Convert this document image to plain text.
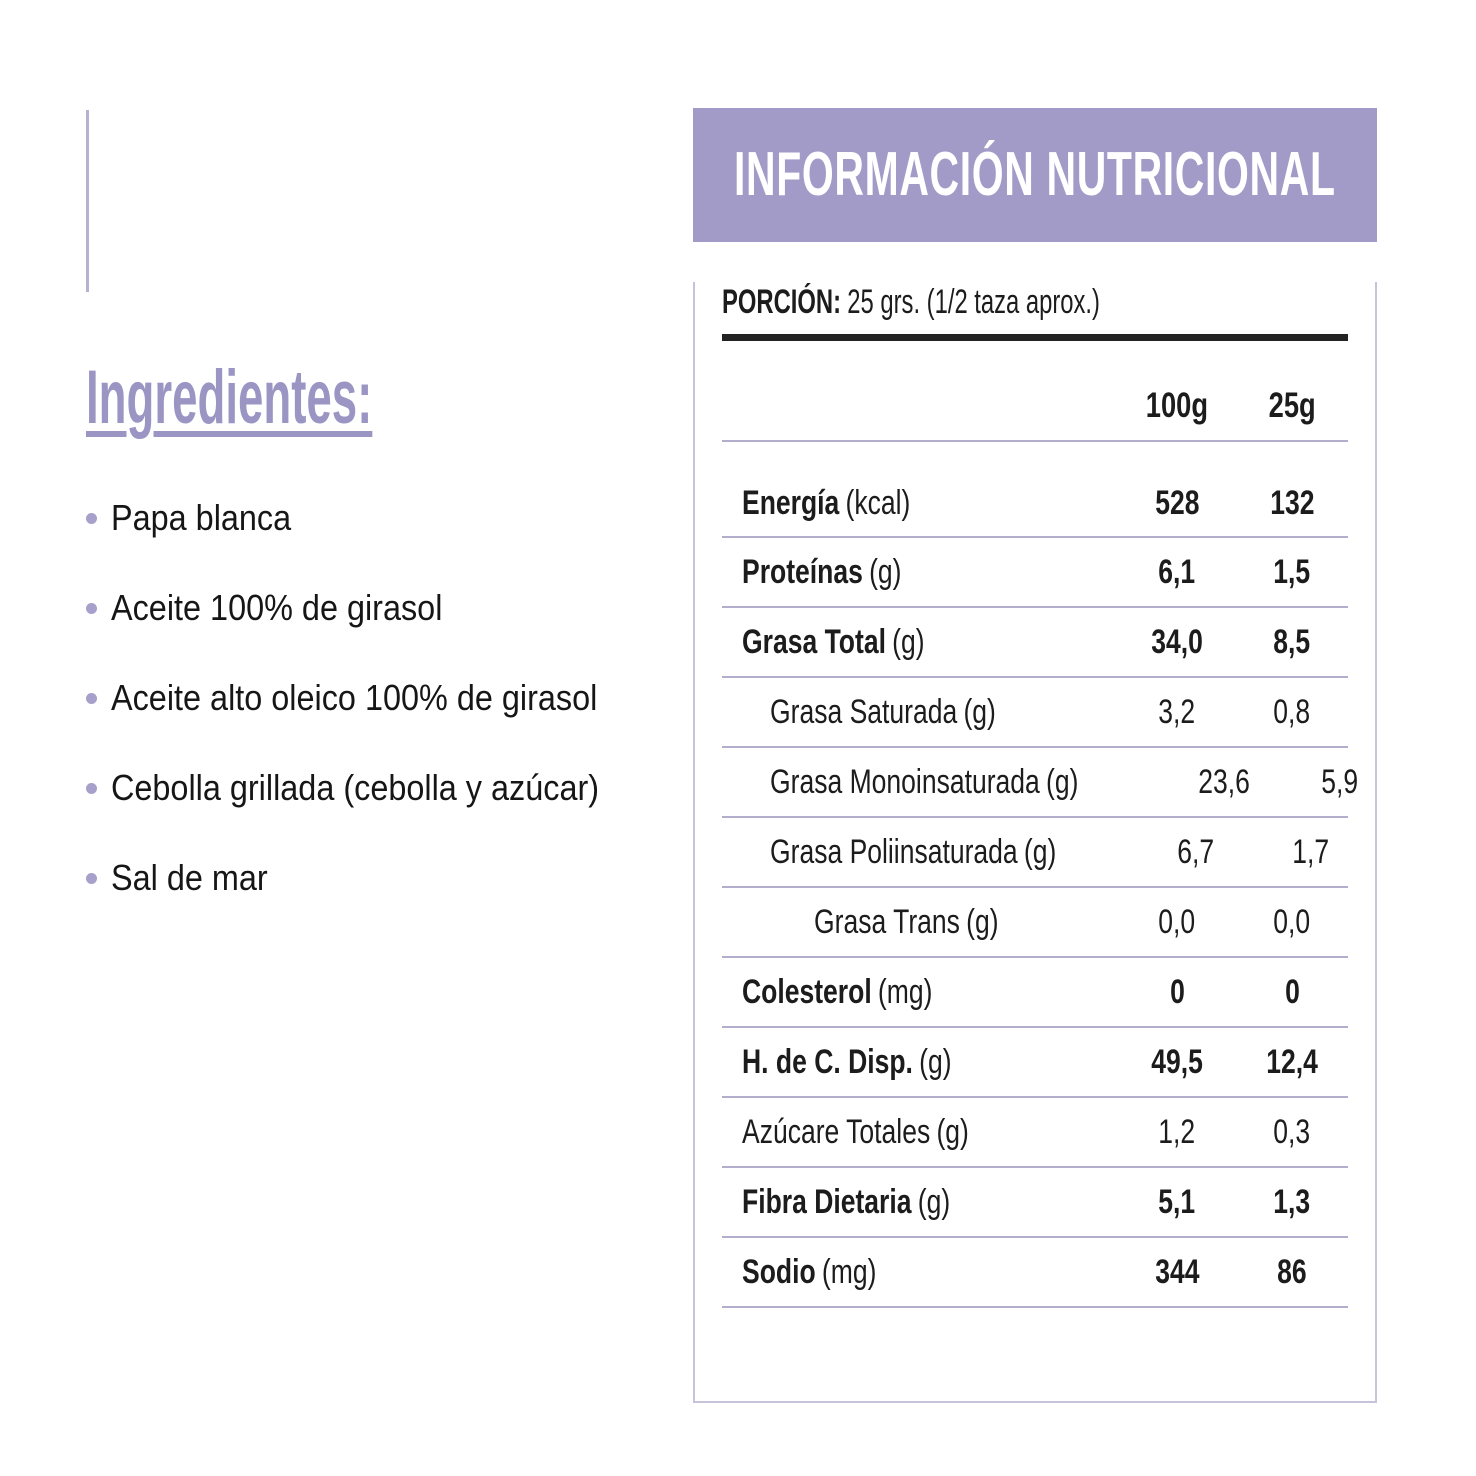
Ingredientes:
Papa blanca
Aceite 100% de girasol
Aceite alto oleico 100% de girasol
Cebolla grillada (cebolla y azúcar)
Sal de mar
INFORMACIÓN NUTRICIONAL

PORCIÓN: 25 grs. (1/2 taza aprox.)

100g	25g
Energía (kcal)	528	132
Proteínas (g)	6,1	1,5
Grasa Total (g)	34,0	8,5
Grasa Saturada (g)	3,2	0,8
Grasa Monoinsaturada (g)	23,6	5,9
Grasa Poliinsaturada (g)	6,7	1,7
Grasa Trans (g)	0,0	0,0
Colesterol (mg)	0	0
H. de C. Disp. (g)	49,5	12,4
Azúcare Totales (g)	1,2	0,3
Fibra Dietaria (g)	5,1	1,3
Sodio (mg)	344	86
